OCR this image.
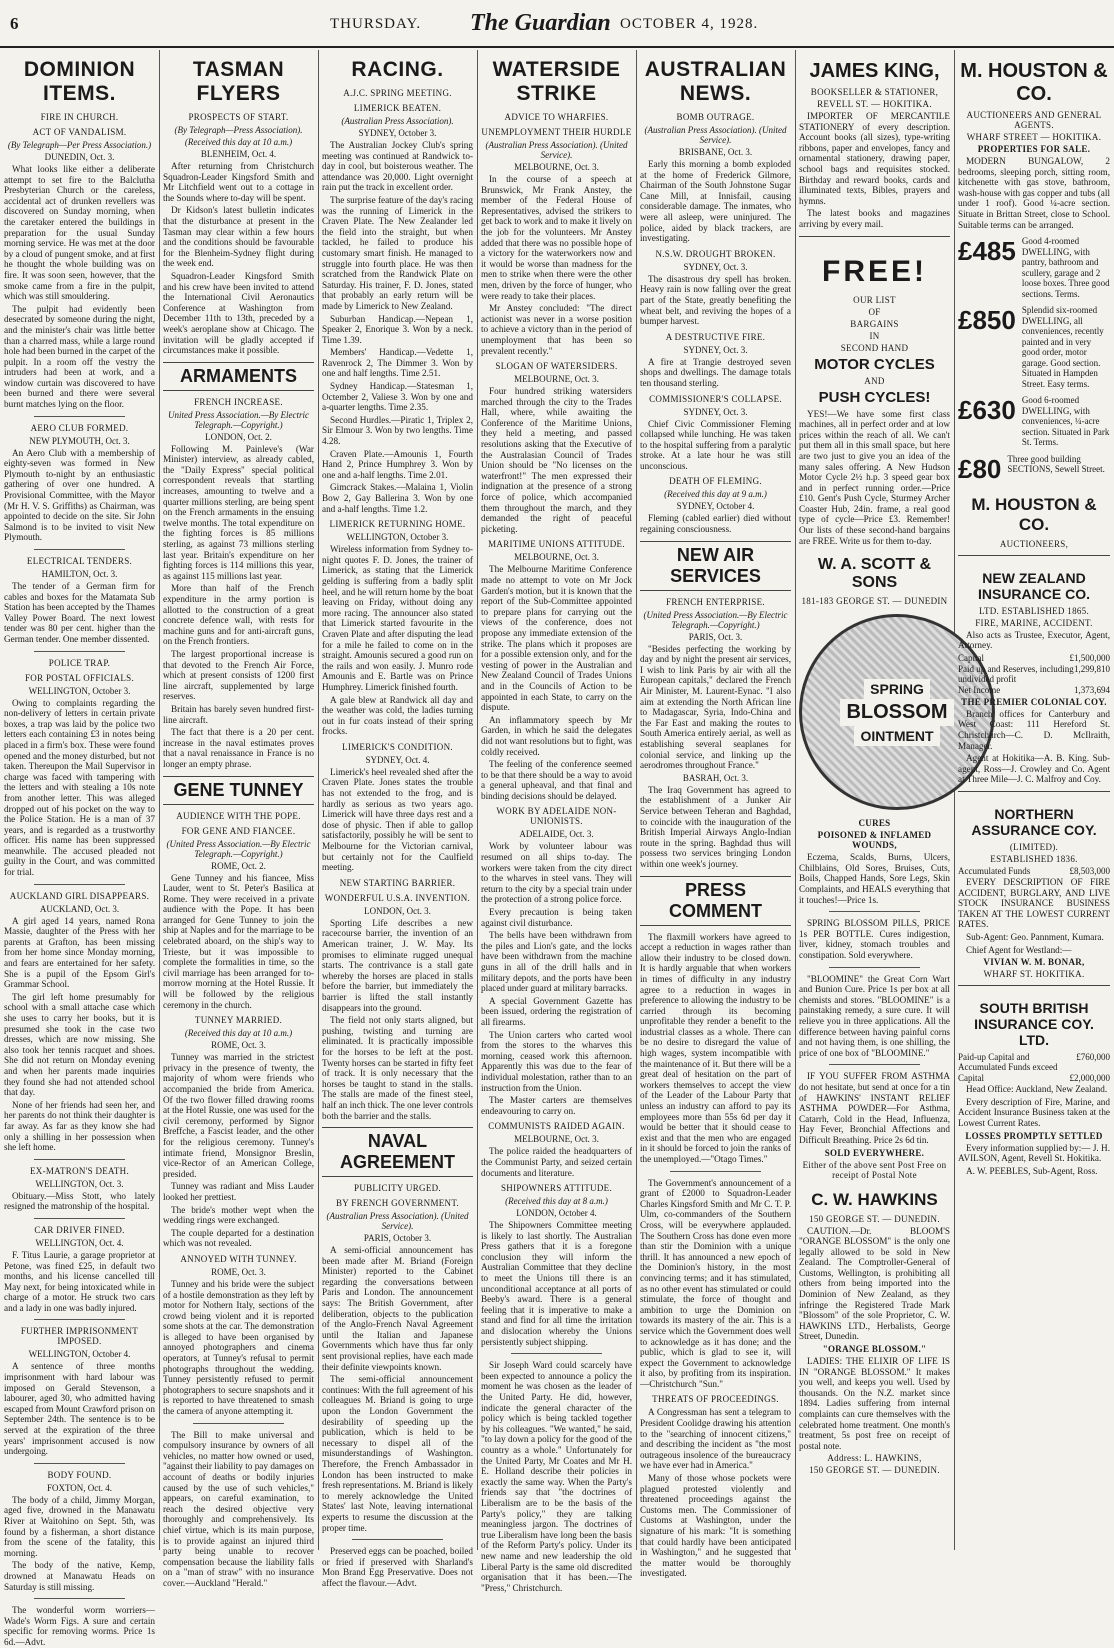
6	THURSDAY. The Guardian OCTOBER 4, 1928.
DOMINION ITEMS.
FIRE IN CHURCH.
ACT OF VANDALISM.
(By Telegraph—Per Press Association.)
DUNEDIN, Oct. 3.

What looks like either a deliberate attempt to set fire to the Balclutha Presbyterian Church or the careless, accidental act of drunken revellers was discovered on Sunday morning, when the caretaker entered the buildings in preparation for the usual Sunday morning service. He was met at the door by a cloud of pungent smoke, and at first he thought the whole building was on fire. It was soon seen, however, that the smoke came from a fire in the pulpit, which was still smouldering.

The pulpit had evidently been desecrated by someone during the night, and the minister's chair was little better than a charred mass, while a large round hole had been burned in the carpet of the pulpit. In a room off the vestry the intruders had been at work, and a window curtain was discovered to have been burned and there were several burnt matches lying on the floor.

AERO CLUB FORMED.
NEW PLYMOUTH, Oct. 3.

An Aero Club with a membership of eighty-seven was formed in New Plymouth to-night by an enthusiastic gathering of over one hundred. A Provisional Committee, with the Mayor (Mr H. V. S. Griffiths) as Chairman, was appointed to decide on the site. Sir John Salmond is to be invited to visit New Plymouth.

ELECTRICAL TENDERS.
HAMILTON, Oct. 3.

The tender of a German firm for cables and boxes for the Matamata Sub Station has been accepted by the Thames Valley Power Board. The next lowest tender was 80 per cent. higher than the German tender. One member dissented.

POLICE TRAP.
FOR POSTAL OFFICIALS.
WELLINGTON, October 3.

Owing to complaints regarding the non-delivery of letters in certain private boxes, a trap was laid by the police two letters each containing £3 in notes being placed in a firm's box. These were found opened and the money disturbed, but not taken. Thereupon the Mail Supervisor in charge was faced with tampering with the letters and with stealing a 10s note from another letter. This was alleged dropped out of his pocket on the way to the Police Station. He is a man of 37 years, and is regarded as a trustworthy officer. His name has been suppressed meanwhile. The accused pleaded not guilty in the Court, and was committed for trial.

AUCKLAND GIRL DISAPPEARS.
AUCKLAND, Oct. 3.

A girl aged 14 years, named Rona Massie, daughter of the Press with her parents at Grafton, has been missing from her home since Monday morning, and fears are entertained for her safety. She is a pupil of the Epsom Girl's Grammar School.

The girl left home presumably for school with a small attache case which she uses to carry her books, but it is presumed she took in the case two dresses, which are now missing. She also took her tennis racquet and shoes. She did not return on Monday evening and when her parents made inquiries they found she had not attended school that day.

None of her friends had seen her, and her parents do not think their daughter is far away. As far as they know she had only a shilling in her possession when she left home.

EX-MATRON'S DEATH.
WELLINGTON, Oct. 3.

Obituary.—Miss Stott, who lately resigned the matronship of the hospital.

CAR DRIVER FINED.
WELLINGTON, Oct. 4.

F. Titus Laurie, a garage proprietor at Petone, was fined £25, in default two months, and his license cancelled till May next, for being intoxicated while in charge of a motor. He struck two cars and a lady in one was badly injured.

FURTHER IMPRISONMENT IMPOSED.
WELLINGTON, October 4.

A sentence of three months imprisonment with hard labour was imposed on Gerald Stevenson, a labourer, aged 30, who admitted having escaped from Mount Crawford prison on September 24th. The sentence is to be served at the expiration of the three years' imprisonment accused is now undergoing.

BODY FOUND.
FOXTON, Oct. 4.

The body of a child, Jimmy Morgan, aged five, drowned in the Manawatu River at Waitohino on Sept. 5th, was found by a fisherman, a short distance from the scene of the fatality, this morning.

The body of the native, Kemp, drowned at Manawatu Heads on Saturday is still missing.

The wonderful worm worriers—Wade's Worm Figs. A sure and certain specific for removing worms. Price 1s 6d.—Advt.

TASMAN FLYERS
PROSPECTS OF START.
(By Telegraph—Press Association).
(Received this day at 10 a.m.)
BLENHEIM, Oct. 4.

After returning from Christchurch Squadron-Leader Kingsford Smith and Mr Litchfield went out to a cottage in the Sounds where to-day will be spent.

Dr Kidson's latest bulletin indicates that the disturbance at present in the Tasman may clear within a few hours and the conditions should be favourable for the Blenheim-Sydney flight during the week end.

Squadron-Leader Kingsford Smith and his crew have been invited to attend the International Civil Aeronautics Conference at Washington from December 11th to 13th, preceded by a week's aeroplane show at Chicago. The invitation will be gladly accepted if circumstances make it possible.

ARMAMENTS
FRENCH INCREASE.
United Press Association.—By Electric Telegraph.—Copyright.)
LONDON, Oct. 2.

Following M. Painleve's (War Minister) interview, as already cabled, the "Daily Express" special political correspondent reveals that startling increases, amounting to twelve and a quarter millions sterling, are being spent on the French armaments in the ensuing twelve months. The total expenditure on the fighting forces is 85 millions sterling, as against 73 millions sterling last year. Britain's expenditure on her fighting forces is 114 millions this year, as against 115 millions last year.

More than half of the French expenditure in the army portion is allotted to the construction of a great concrete defence wall, with rests for machine guns and for anti-aircraft guns, on the French frontiers.

The largest proportional increase is that devoted to the French Air Force, which at present consists of 1200 first line aircraft, supplemented by large reserves.

Britain has barely seven hundred first-line aircraft.

The fact that there is a 20 per cent. increase in the naval estimates proves that a naval renaissance in France is no longer an empty phrase.

GENE TUNNEY
AUDIENCE WITH THE POPE.
FOR GENE AND FIANCEE.
(United Press Association.—By Electric Telegraph.—Copyright.)
ROME, Oct. 2.

Gene Tunney and his fiancee, Miss Lauder, went to St. Peter's Basilica at Rome. They were received in a private audience with the Pope. It has been arranged for Gene Tunney to join the ship at Naples and for the marriage to be celebrated aboard, on the ship's way to Trieste, but it was impossible to complete the formalities in time, so the civil marriage has been arranged for to-morrow morning at the Hotel Russie. It will be followed by the religious ceremony in the church.

TUNNEY MARRIED.
(Received this day at 10 a.m.)
ROME, Oct. 3.

Tunney was married in the strictest privacy in the presence of twenty, the majority of whom were friends who accompanied the bride from America. Of the two flower filled drawing rooms at the Hotel Russie, one was used for the civil ceremony, performed by Signor Breffche, a Fascist leader, and the other for the religious ceremony. Tunney's intimate friend, Monsignor Breslin, vice-Rector of an American College, presided.

Tunney was radiant and Miss Lauder looked her prettiest.

The bride's mother wept when the wedding rings were exchanged.

The couple departed for a destination which was not revealed.

ANNOYED WITH TUNNEY.
ROME, Oct. 3.

Tunney and his bride were the subject of a hostile demonstration as they left by motor for Nothern Italy, sections of the crowd being violent and it is reported some shots at the car. The demonstration is alleged to have been organised by annoyed photographers and cinema operators, at Tunney's refusal to permit photographs throughout the wedding. Tunney persistently refused to permit photographers to secure snapshots and it is reported to have threatened to smash the camera of anyone attempting it.

The Bill to make universal and compulsory insurance by owners of all vehicles, no matter how owned or used, "against their liability to pay damages on account of deaths or bodily injuries caused by the use of such vehicles," appears, on careful examination, to reach the desired objective very thoroughly and comprehensively. Its chief virtue, which is its main purpose, is to provide against an injured third party being unable to recover compensation because the liability falls on a "man of straw" with no insurance cover.—Auckland "Herald."

RACING.
A.J.C. SPRING MEETING.
LIMERICK BEATEN.
(Australian Press Association).
SYDNEY, October 3.

The Australian Jockey Club's spring meeting was continued at Randwick to-day in cool, but boisterous weather. The attendance was 20,000. Light overnight rain put the track in excellent order.

The surprise feature of the day's racing was the running of Limerick in the Craven Plate. The New Zealander led the field into the straight, but when tackled, he failed to produce his customary smart finish. He managed to struggle into fourth place. He was then scratched from the Randwick Plate on Saturday. His trainer, F. D. Jones, stated that probably an early return will be made by Limerick to New Zealand.

Suburban Handicap.—Nepean 1, Speaker 2, Enorique 3. Won by a neck. Time 1.39.

Members' Handicap.—Vedette 1, Ravenrock 2, The Dimmer 3. Won by one and half lengths. Time 2.51.

Sydney Handicap.—Statesman 1, Octember 2, Valiese 3. Won by one and a-quarter lengths. Time 2.35.

Second Hurdles.—Piratic 1, Triplex 2, Sir Elmour 3. Won by two lengths. Time 4.28.

Craven Plate.—Amounis 1, Fourth Hand 2, Prince Humphrey 3. Won by one and a-half lengths. Time 2.01.

Gimcrack Stakes.—Malaina 1, Violin Bow 2, Gay Ballerina 3. Won by one and a-half lengths. Time 1.2.

LIMERICK RETURNING HOME.
WELLINGTON, October 3.

Wireless information from Sydney to-night quotes F. D. Jones, the trainer of Limerick, as stating that the Limerick gelding is suffering from a badly split heel, and he will return home by the boat leaving on Friday, without doing any more racing. The announcer also stated that Limerick started favourite in the Craven Plate and after disputing the lead for a mile he failed to come on in the straight. Amounis secured a good run on the rails and won easily. J. Munro rode Amounis and E. Bartle was on Prince Humphrey. Limerick finished fourth.

A gale blew at Randwick all day and the weather was cold, the ladies turning out in fur coats instead of their spring frocks.

LIMERICK'S CONDITION.
SYDNEY, Oct. 4.

Limerick's heel revealed shed after the Craven Plate. Jones states the trouble has not extended to the frog, and is hardly as serious as two years ago. Limerick will have three days rest and a dose of physic. Then if able to gallop satisfactorily, possibly he will be sent to Melbourne for the Victorian carnival, but certainly not for the Caulfield meeting.

NEW STARTING BARRIER.
WONDERFUL U.S.A. INVENTION.
LONDON, Oct. 3.

Sporting Life describes a new racecourse barrier, the invention of an American trainer, J. W. May. Its promises to eliminate rugged unequal starts. The contrivance is a stall gate whereby the horses are placed in stalls before the barrier, but immediately the barrier is lifted the stall instantly disappears into the ground.

The field not only starts aligned, but pushing, twisting and turning are eliminated. It is practically impossible for the horses to be left at the post. Twenty horses can be started in fifty feet of track. It is only necessary that the horses be taught to stand in the stalls. The stalls are made of the finest steel, half an inch thick. The one lever controls both the barrier and the stalls.

NAVAL AGREEMENT
PUBLICITY URGED.
BY FRENCH GOVERNMENT.
(Australian Press Association). (United Service).
PARIS, October 3.

A semi-official announcement has been made after M. Briand (Foreign Minister) reported to the Cabinet regarding the conversations between Paris and London. The announcement says: The British Government, after deliberation, objects to the publication of the Anglo-French Naval Agreement until the Italian and Japanese Governments which have thus far only sent provisional replies, have each made their definite viewpoints known.

The semi-official announcement continues: With the full agreement of his colleagues M. Briand is going to urge upon the London Government the desirability of speeding up the publication, which is held to be necessary to dispel all of the misunderstandings of Washington. Therefore, the French Ambassador in London has been instructed to make fresh representations. M. Briand is likely to merely acknowledge the United States' last Note, leaving international experts to resume the discussion at the proper time.

Preserved eggs can be poached, boiled or fried if preserved with Sharland's Mon Brand Egg Preservative. Does not affect the flavour.—Advt.

WATERSIDE STRIKE
ADVICE TO WHARFIES.
UNEMPLOYMENT THEIR HURDLE
(Australian Press Association). (United Service).
MELBOURNE, Oct. 3.

In the course of a speech at Brunswick, Mr Frank Anstey, the member of the Federal House of Representatives, advised the strikers to get back to work and to make it lively on the job for the volunteers. Mr Anstey added that there was no possible hope of a victory for the waterworkers now and it would be worse than madness for the men to strike when there were the other men, driven by the force of hunger, who were ready to take their places.

Mr Anstey concluded: "The direct actionist was never in a worse position to achieve a victory than in the period of unemployment that has been so prevalent recently."

SLOGAN OF WATERSIDERS.
MELBOURNE, Oct. 3.

Four hundred striking watersiders marched through the city to the Trades Hall, where, while awaiting the Conference of the Maritime Unions, they held a meeting, and passed resolutions asking that the Executive of the Australasian Council of Trades Union should be "No licenses on the waterfront!" The men expressed their indignation at the presence of a strong force of police, which accompanied them throughout the march, and they demanded the right of peaceful picketing.

MARITIME UNIONS ATTITUDE.
MELBOURNE, Oct. 3.

The Melbourne Maritime Conference made no attempt to vote on Mr Jock Garden's motion, but it is known that the report of the Sub-Committee appointed to prepare plans for carrying out the views of the conference, does not propose any immediate extension of the strike. The plans which it proposes are for a possible extension only, and for the vesting of power in the Australian and New Zealand Council of Trades Unions and in the Councils of Action to be appointed in each State, to carry on the dispute.

An inflammatory speech by Mr Garden, in which he said the delegates did not want resolutions but to fight, was coldly received.

The feeling of the conference seemed to be that there should be a way to avoid a general upheaval, and that final and binding decisions should be delayed.

WORK BY ADELAIDE NON-UNIONISTS.
ADELAIDE, Oct. 3.

Work by volunteer labour was resumed on all ships to-day. The workers were taken from the city direct to the wharves in steel vans. They will return to the city by a special train under the protection of a strong police force.

Every precaution is being taken against civil disturbance.

The bells have been withdrawn from the piles and Lion's gate, and the locks have been withdrawn from the machine guns in all of the drill halls and in military depots, and the ports have been placed under guard at military barracks.

A special Government Gazette has been issued, ordering the registration of all firearms.

The Union carters who carted wool from the stores to the wharves this morning, ceased work this afternoon. Apparently this was due to the fear of individual molestation, rather than to an instruction from the Union.

The Master carters are themselves endeavouring to carry on.

COMMUNISTS RAIDED AGAIN.
MELBOURNE, Oct. 3.

The police raided the headquarters of the Communist Party, and seized certain documents and literature.

SHIPOWNERS ATTITUDE.
(Received this day at 8 a.m.)
LONDON, October 4.

The Shipowners Committee meeting is likely to last shortly. The Australian Press gathers that it is a foregone conclusion they will inform the Australian Committee that they decline to meet the Unions till there is an unconditional acceptance at all ports of Beeby's award. There is a general feeling that it is imperative to make a stand and find for all time the irritation and dislocation whereby the Unions persistently subject shipping.

Sir Joseph Ward could scarcely have been expected to announce a policy the moment he was chosen as the leader of the United Party. He did, however, indicate the general character of the policy which is being tackled together by his colleagues. "We wanted," he said, "to lay down a policy for the good of the country as a whole." Unfortunately for the United Party, Mr Coates and Mr H. E. Holland describe their policies in exactly the same way. When the Party's friends say that "the doctrines of Liberalism are to be the basis of the Party's policy," they are talking meaningless jargon. The doctrines of true Liberalism have long been the basis of the Reform Party's policy. Under its new name and new leadership the old Liberal Party is the same old discredited organisation that it has been.—The "Press," Christchurch.

AUSTRALIAN NEWS.
BOMB OUTRAGE.
(Australian Press Association). (United Service).
BRISBANE, Oct. 3.

Early this morning a bomb exploded at the home of Frederick Gilmore, Chairman of the South Johnstone Sugar Cane Mill, at Innisfail, causing considerable damage. The inmates, who were all asleep, were uninjured. The police, aided by black trackers, are investigating.

N.S.W. DROUGHT BROKEN.
SYDNEY, Oct. 3.

The disastrous dry spell has broken. Heavy rain is now falling over the great part of the State, greatly benefiting the wheat belt, and reviving the hopes of a bumper harvest.

A DESTRUCTIVE FIRE.
SYDNEY, Oct. 3.

A fire at Trangie destroyed seven shops and dwellings. The damage totals ten thousand sterling.

COMMISSIONER'S COLLAPSE.
SYDNEY, Oct. 3.

Chief Civic Commissioner Fleming collapsed while lunching. He was taken to the hospital suffering from a paralytic stroke. At a late hour he was still unconscious.

DEATH OF FLEMING.
(Received this day at 9 a.m.)
SYDNEY, October 4.

Fleming (cabled earlier) died without regaining consciousness.

NEW AIR SERVICES
FRENCH ENTERPRISE.
(United Press Association.—By Electric Telegraph.—Copyright.)
PARIS, Oct. 3.

"Besides perfecting the working by day and by night the present air services, I wish to link Paris by air with all the European capitals," declared the French Air Minister, M. Laurent-Eynac. "I also aim at extending the North African line to Madagascar, Syria, Indo-China and the Far East and making the routes to South America entirely aerial, as well as establishing several seaplanes for colonial service, and linking up the aerodromes throughout France."

BASRAH, Oct. 3.

The Iraq Government has agreed to the establishment of a Junker Air Service between Teheran and Baghdad, to coincide with the inauguration of the British Imperial Airways Anglo-Indian route in the spring. Baghdad thus will possess two services bringing London within one week's journey.

PRESS COMMENT

The flaxmill workers have agreed to accept a reduction in wages rather than allow their industry to be closed down. It is hardly arguable that when workers in times of difficulty in any industry agree to a reduction in wages in preference to allowing the industry to be carried through its becoming unprofitable they render a benefit to the industrial classes as a whole. There can be no desire to disregard the value of high wages, system incompatible with the maintenance of it. But there will be a great deal of hesitation on the part of workers themselves to accept the view of the Leader of the Labour Party that unless an industry can afford to pay its employees more than 55s 6d per day it would be better that it should cease to exist and that the men who are engaged in it should be forced to join the ranks of the unemployed.—"Otago Times."

The Government's announcement of a grant of £2000 to Squadron-Leader Charles Kingsford Smith and Mr C. T. P. Ulm, co-commanders of the Southern Cross, will be everywhere applauded. The Southern Cross has done even more than stir the Dominion with a unique thrill. It has announced a new epoch of the Dominion's history, in the most convincing terms; and it has stimulated, as no other event has stimulated or could stimulate, the force of thought and ambition to urge the Dominion on towards its mastery of the air. This is a service which the Government does well to acknowledge as it has done; and the public, which is glad to see it, will expect the Government to acknowledge it also, by profiting from its inspiration.—Christchurch "Sun."

THREATS OF PROCEEDINGS.

A Congressman has sent a telegram to President Coolidge drawing his attention to the "searching of innocent citizens," and describing the incident as "the most outrageous insolence of the bureaucracy we have ever had in America."

Many of those whose pockets were plagued protested violently and threatened proceedings against the Customs men. The Commissioner of Customs at Washington, under the signature of his mark: "It is something that could hardly have been anticipated in Washington," and he suggested that the matter would be thoroughly investigated.

JAMES KING,
BOOKSELLER & STATIONER,
REVELL ST. — HOKITIKA.

IMPORTER OF MERCANTILE STATIONERY of every description. Account books (all sizes), type-writing ribbons, paper and envelopes, fancy and ornamental stationery, drawing paper, school bags and requisites stocked. Birthday and reward books, cards and illuminated texts, Bibles, prayers and hymns.

The latest books and magazines arriving by every mail.

FREE!
OUR LIST
OF
BARGAINS
IN
SECOND HAND
MOTOR CYCLES
AND
PUSH CYCLES!

YES!—We have some first class machines, all in perfect order and at low prices within the reach of all. We can't put them all in this small space, but here are two just to give you an idea of the many sales offering. A New Hudson Motor Cycle 2½ h.p. 3 speed gear box and in perfect running order.—Price £10. Gent's Push Cycle, Sturmey Archer Coaster Hub, 24in. frame, a real good type of cycle—Price £3. Remember! Our lists of these second-hand bargains are FREE. Write us for them to-day.

W. A. SCOTT & SONS
181-183 GEORGE ST. — DUNEDIN
SPRING
BLOSSOM
OINTMENT
CURES
POISONED & INFLAMED WOUNDS,

Eczema, Scalds, Burns, Ulcers, Chilblains, Old Sores, Bruises, Cuts, Boils, Chapped Hands, Sore Legs, Skin Complaints, and HEALS everything that it touches!—Price 1s.

SPRING BLOSSOM PILLS, PRICE 1s PER BOTTLE. Cures indigestion, liver, kidney, stomach troubles and constipation. Sold everywhere.

"BLOOMINE" the Great Corn Wart and Bunion Cure. Price 1s per box at all chemists and stores. "BLOOMINE" is a painstaking remedy, a sure cure. It will relieve you in three applications. All the difference between having painful corns and not having them, is one shilling, the price of one box of "BLOOMINE."

IF YOU SUFFER FROM ASTHMA do not hesitate, but send at once for a tin of HAWKINS' INSTANT RELIEF ASTHMA POWDER—For Asthma, Catarrh, Cold in the Head, Influenza, Hay Fever, Bronchial Affections and Difficult Breathing. Price 2s 6d tin.

SOLD EVERYWHERE.
Either of the above sent Post Free on receipt of Postal Note
C. W. HAWKINS
150 GEORGE ST. — DUNEDIN.

CAUTION.—Dr. BLOOM'S "ORANGE BLOSSOM" is the only one legally allowed to be sold in New Zealand. The Comptroller-General of Customs, Wellington, is prohibiting all others from being imported into the Dominion of New Zealand, as they infringe the Registered Trade Mark "Blossom" of the sole Proprietor, C. W. HAWKINS LTD., Herbalists, George Street, Dunedin.

"ORANGE BLOSSOM."

LADIES: THE ELIXIR OF LIFE IS IN "ORANGE BLOSSOM." It makes you well, and keeps you well. Used by thousands. On the N.Z. market since 1894. Ladies suffering from internal complaints can cure themselves with the celebrated home treatment. One month's treatment, 5s post free on receipt of postal note.

Address: L. HAWKINS,
150 GEORGE ST. — DUNEDIN.
M. HOUSTON & CO.
AUCTIONEERS AND GENERAL AGENTS.
WHARF STREET — HOKITIKA.
PROPERTIES FOR SALE.

MODERN BUNGALOW, 2 bedrooms, sleeping porch, sitting room, kitchenette with gas stove, bathroom, wash-house with gas copper and tubs (all under 1 roof). Good ¼-acre section. Situate in Brittan Street, close to School. Suitable terms can be arranged.

£485 Good 4-roomed DWELLING, with pantry, bathroom and scullery, garage and 2 loose boxes. Three good sections. Terms.
£850 Splendid six-roomed DWELLING, all conveniences, recently painted and in very good order, motor garage. Good section. Situated in Hampden Street. Easy terms.
£630 Good 6-roomed DWELLING, with conveniences, ¼-acre section. Situated in Park St. Terms.
£80 Three good building SECTIONS, Sewell Street.
M. HOUSTON & CO.
AUCTIONEERS,
NEW ZEALAND INSURANCE CO.
LTD. ESTABLISHED 1865.
FIRE, MARINE, ACCIDENT.

Also acts as Trustee, Executor, Agent, Attorney.

Capital	£1,500,000
Paid up and Reserves, including undivided profit
1,299,810
Net Income	1,373,694
THE PREMIER COLONIAL COY.

Branch offices for Canterbury and West Coast: 111 Hereford St. Christchurch—C. D. McIlraith, Manager.

Agent at Hokitika—A. B. King. Sub-agent, Ross—J. Crowley and Co. Agent at Three Mile—J. C. Malfroy and Coy.

NORTHERN ASSURANCE COY.
(LIMITED).
ESTABLISHED 1836.
Accumulated Funds	£8,503,000

EVERY DESCRIPTION OF FIRE ACCIDENT, BURGLARY, AND LIVE STOCK INSURANCE BUSINESS TAKEN AT THE LOWEST CURRENT RATES.

Sub-Agent: Geo. Pannment, Kumara.

Chief Agent for Westland:—

VIVIAN W. M. BONAR,
WHARF ST. HOKITIKA.
SOUTH BRITISH INSURANCE COY. LTD.
Paid-up Capital and Accumulated Funds exceed
£760,000
Capital	£2,000,000

Head Office: Auckland, New Zealand.

Every description of Fire, Marine, and Accident Insurance Business taken at the Lowest Current Rates.

LOSSES PROMPTLY SETTLED

Every information supplied by:— J. H. AVILSON, Agent, Revell St. Hokitika.

A. W. PEEBLES, Sub-Agent, Ross.
